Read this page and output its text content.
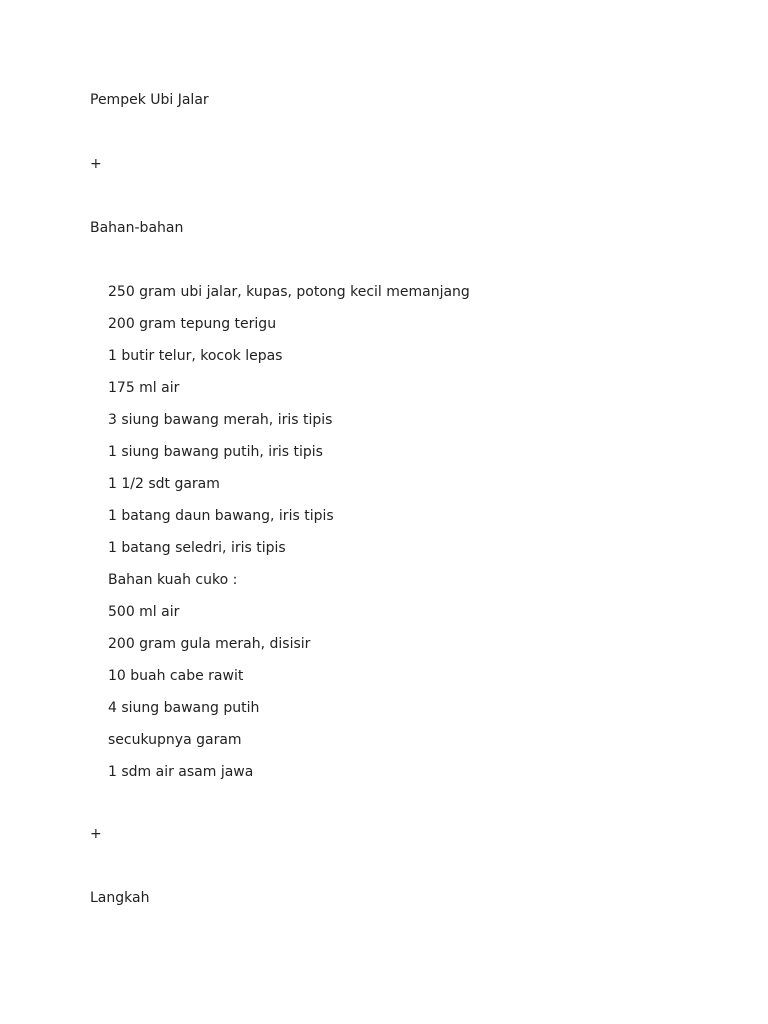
Pempek Ubi Jalar
+
Bahan-bahan
250 gram ubi jalar, kupas, potong kecil memanjang
200 gram tepung terigu
1 butir telur, kocok lepas
175 ml air
3 siung bawang merah, iris tipis
1 siung bawang putih, iris tipis
1 1/2 sdt garam
1 batang daun bawang, iris tipis
1 batang seledri, iris tipis
Bahan kuah cuko :
500 ml air
200 gram gula merah, disisir
10 buah cabe rawit
4 siung bawang putih
secukupnya garam
1 sdm air asam jawa
+
Langkah
